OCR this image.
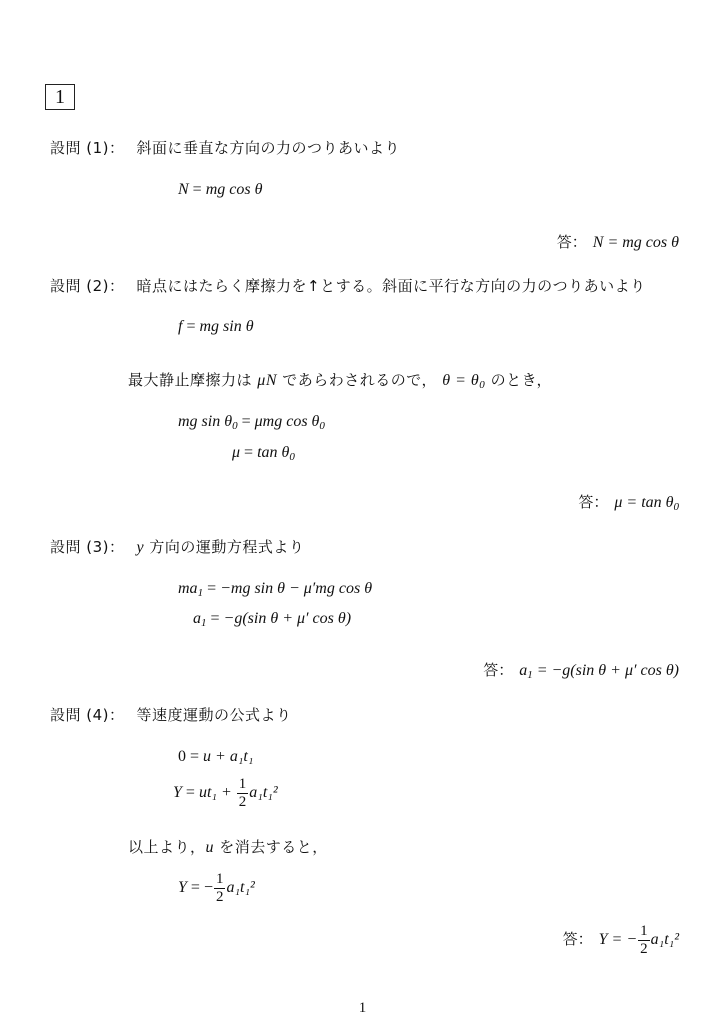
1
設問 (1)： 斜面に垂直な方向の力のつりあいより
N = mg cos θ
答： N = mg cos θ
設問 (2)： 暗点にはたらく摩擦力を↑とする。斜面に平行な方向の力のつりあいより
f = mg sin θ
最大静止摩擦力は μN であらわされるので， $\theta = \theta_0$ のとき，
mg $\sin \theta_0 = \mu mg$ $\cos \theta_0$
$\mu = \tan \theta_0$
答： $\mu = \tan \theta_0$
設問 (3)： y 方向の運動方程式より
$ma_1 = -mg$ sin θ − μ′mg cos θ
$a_1 = -g(\sin$ θ + μ′ cos θ)
答： $a_1 = -g(\sin$ θ + μ′ cos θ)
設問 (4)： 等速度運動の公式より
0 = u + a₁t₁
$Y = ut_1 + \frac{1}{2} a_1t_1^2$
以上より，u を消去すると，
Y = − $\frac{1}{2} a_1t_1^2$
答： Y = − $\frac{1}{2} a_1t_1^2$
1
